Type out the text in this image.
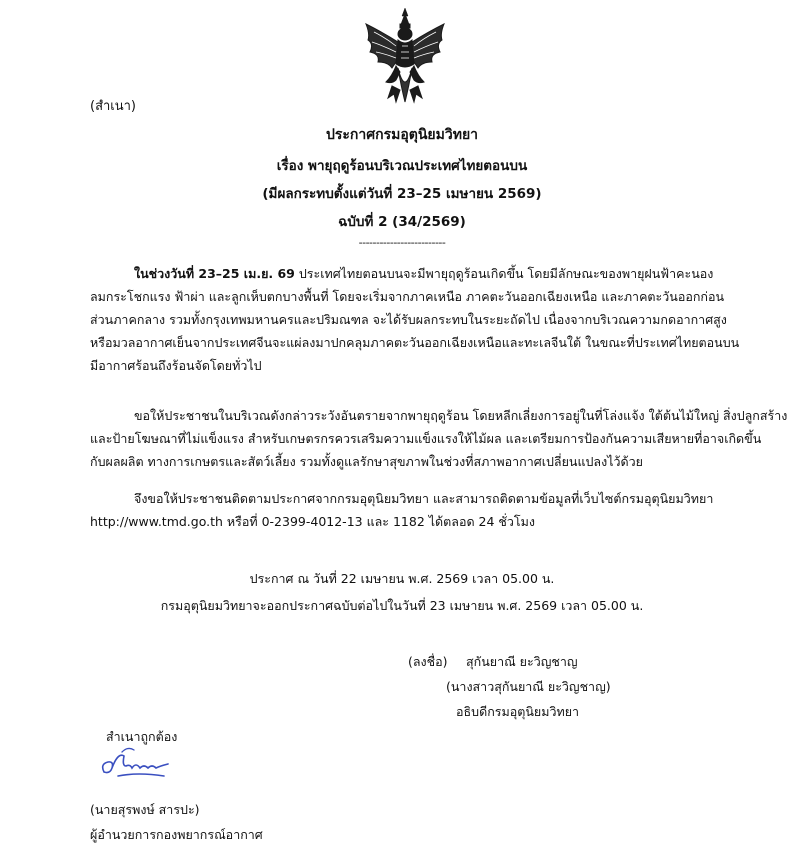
(สำเนา)
ประกาศกรมอุตุนิยมวิทยา
เรื่อง พายุฤดูร้อนบริเวณประเทศไทยตอนบน
(มีผลกระทบตั้งแต่วันที่ 23–25 เมษายน 2569)
ฉบับที่ 2 (34/2569)
-------------------------
ในช่วงวันที่ 23–25 เม.ย. 69 ประเทศไทยตอนบนจะมีพายุฤดูร้อนเกิดขึ้น โดยมีลักษณะของพายุฝนฟ้าคะนอง
ลมกระโชกแรง ฟ้าผ่า และลูกเห็บตกบางพื้นที่ โดยจะเริ่มจากภาคเหนือ ภาคตะวันออกเฉียงเหนือ และภาคตะวันออกก่อน
ส่วนภาคกลาง รวมทั้งกรุงเทพมหานครและปริมณฑล จะได้รับผลกระทบในระยะถัดไป เนื่องจากบริเวณความกดอากาศสูง
หรือมวลอากาศเย็นจากประเทศจีนจะแผ่ลงมาปกคลุมภาคตะวันออกเฉียงเหนือและทะเลจีนใต้ ในขณะที่ประเทศไทยตอนบน
มีอากาศร้อนถึงร้อนจัดโดยทั่วไป
ขอให้ประชาชนในบริเวณดังกล่าวระวังอันตรายจากพายุฤดูร้อน โดยหลีกเลี่ยงการอยู่ในที่โล่งแจ้ง ใต้ต้นไม้ใหญ่ สิ่งปลูกสร้าง
และป้ายโฆษณาที่ไม่แข็งแรง สำหรับเกษตรกรควรเสริมความแข็งแรงให้ไม้ผล และเตรียมการป้องกันความเสียหายที่อาจเกิดขึ้น
กับผลผลิต ทางการเกษตรและสัตว์เลี้ยง รวมทั้งดูแลรักษาสุขภาพในช่วงที่สภาพอากาศเปลี่ยนแปลงไว้ด้วย
จึงขอให้ประชาชนติดตามประกาศจากกรมอุตุนิยมวิทยา และสามารถติดตามข้อมูลที่เว็บไซต์กรมอุตุนิยมวิทยา
http://www.tmd.go.th หรือที่ 0-2399-4012-13 และ 1182 ได้ตลอด 24 ชั่วโมง
ประกาศ ณ วันที่ 22 เมษายน พ.ศ. 2569 เวลา 05.00 น.
กรมอุตุนิยมวิทยาจะออกประกาศฉบับต่อไปในวันที่ 23 เมษายน พ.ศ. 2569 เวลา 05.00 น.
(ลงชื่อ) สุกันยาณี ยะวิญชาญ
(นางสาวสุกันยาณี ยะวิญชาญ)
อธิบดีกรมอุตุนิยมวิทยา
สำเนาถูกต้อง
(นายสุรพงษ์ สารปะ)
ผู้อำนวยการกองพยากรณ์อากาศ
